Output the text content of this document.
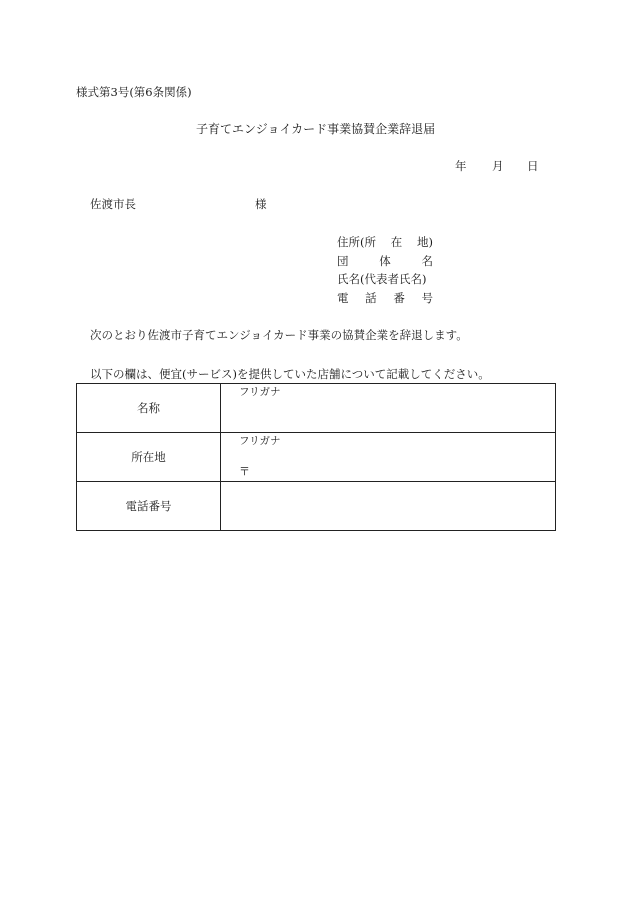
様式第3号(第6条関係)
子育てエンジョイカード事業協賛企業辞退届
年 月 日
佐渡市長	様
住所(所 在 地)
団	体	名
氏名(代表者氏名)
電 話 番 号
次のとおり佐渡市子育てエンジョイカード事業の協賛企業を辞退します。
以下の欄は、便宜(サービス)を提供していた店舗について記載してください。
名称	フリガナ

所在地	フリガナ
〒

電話番号	
